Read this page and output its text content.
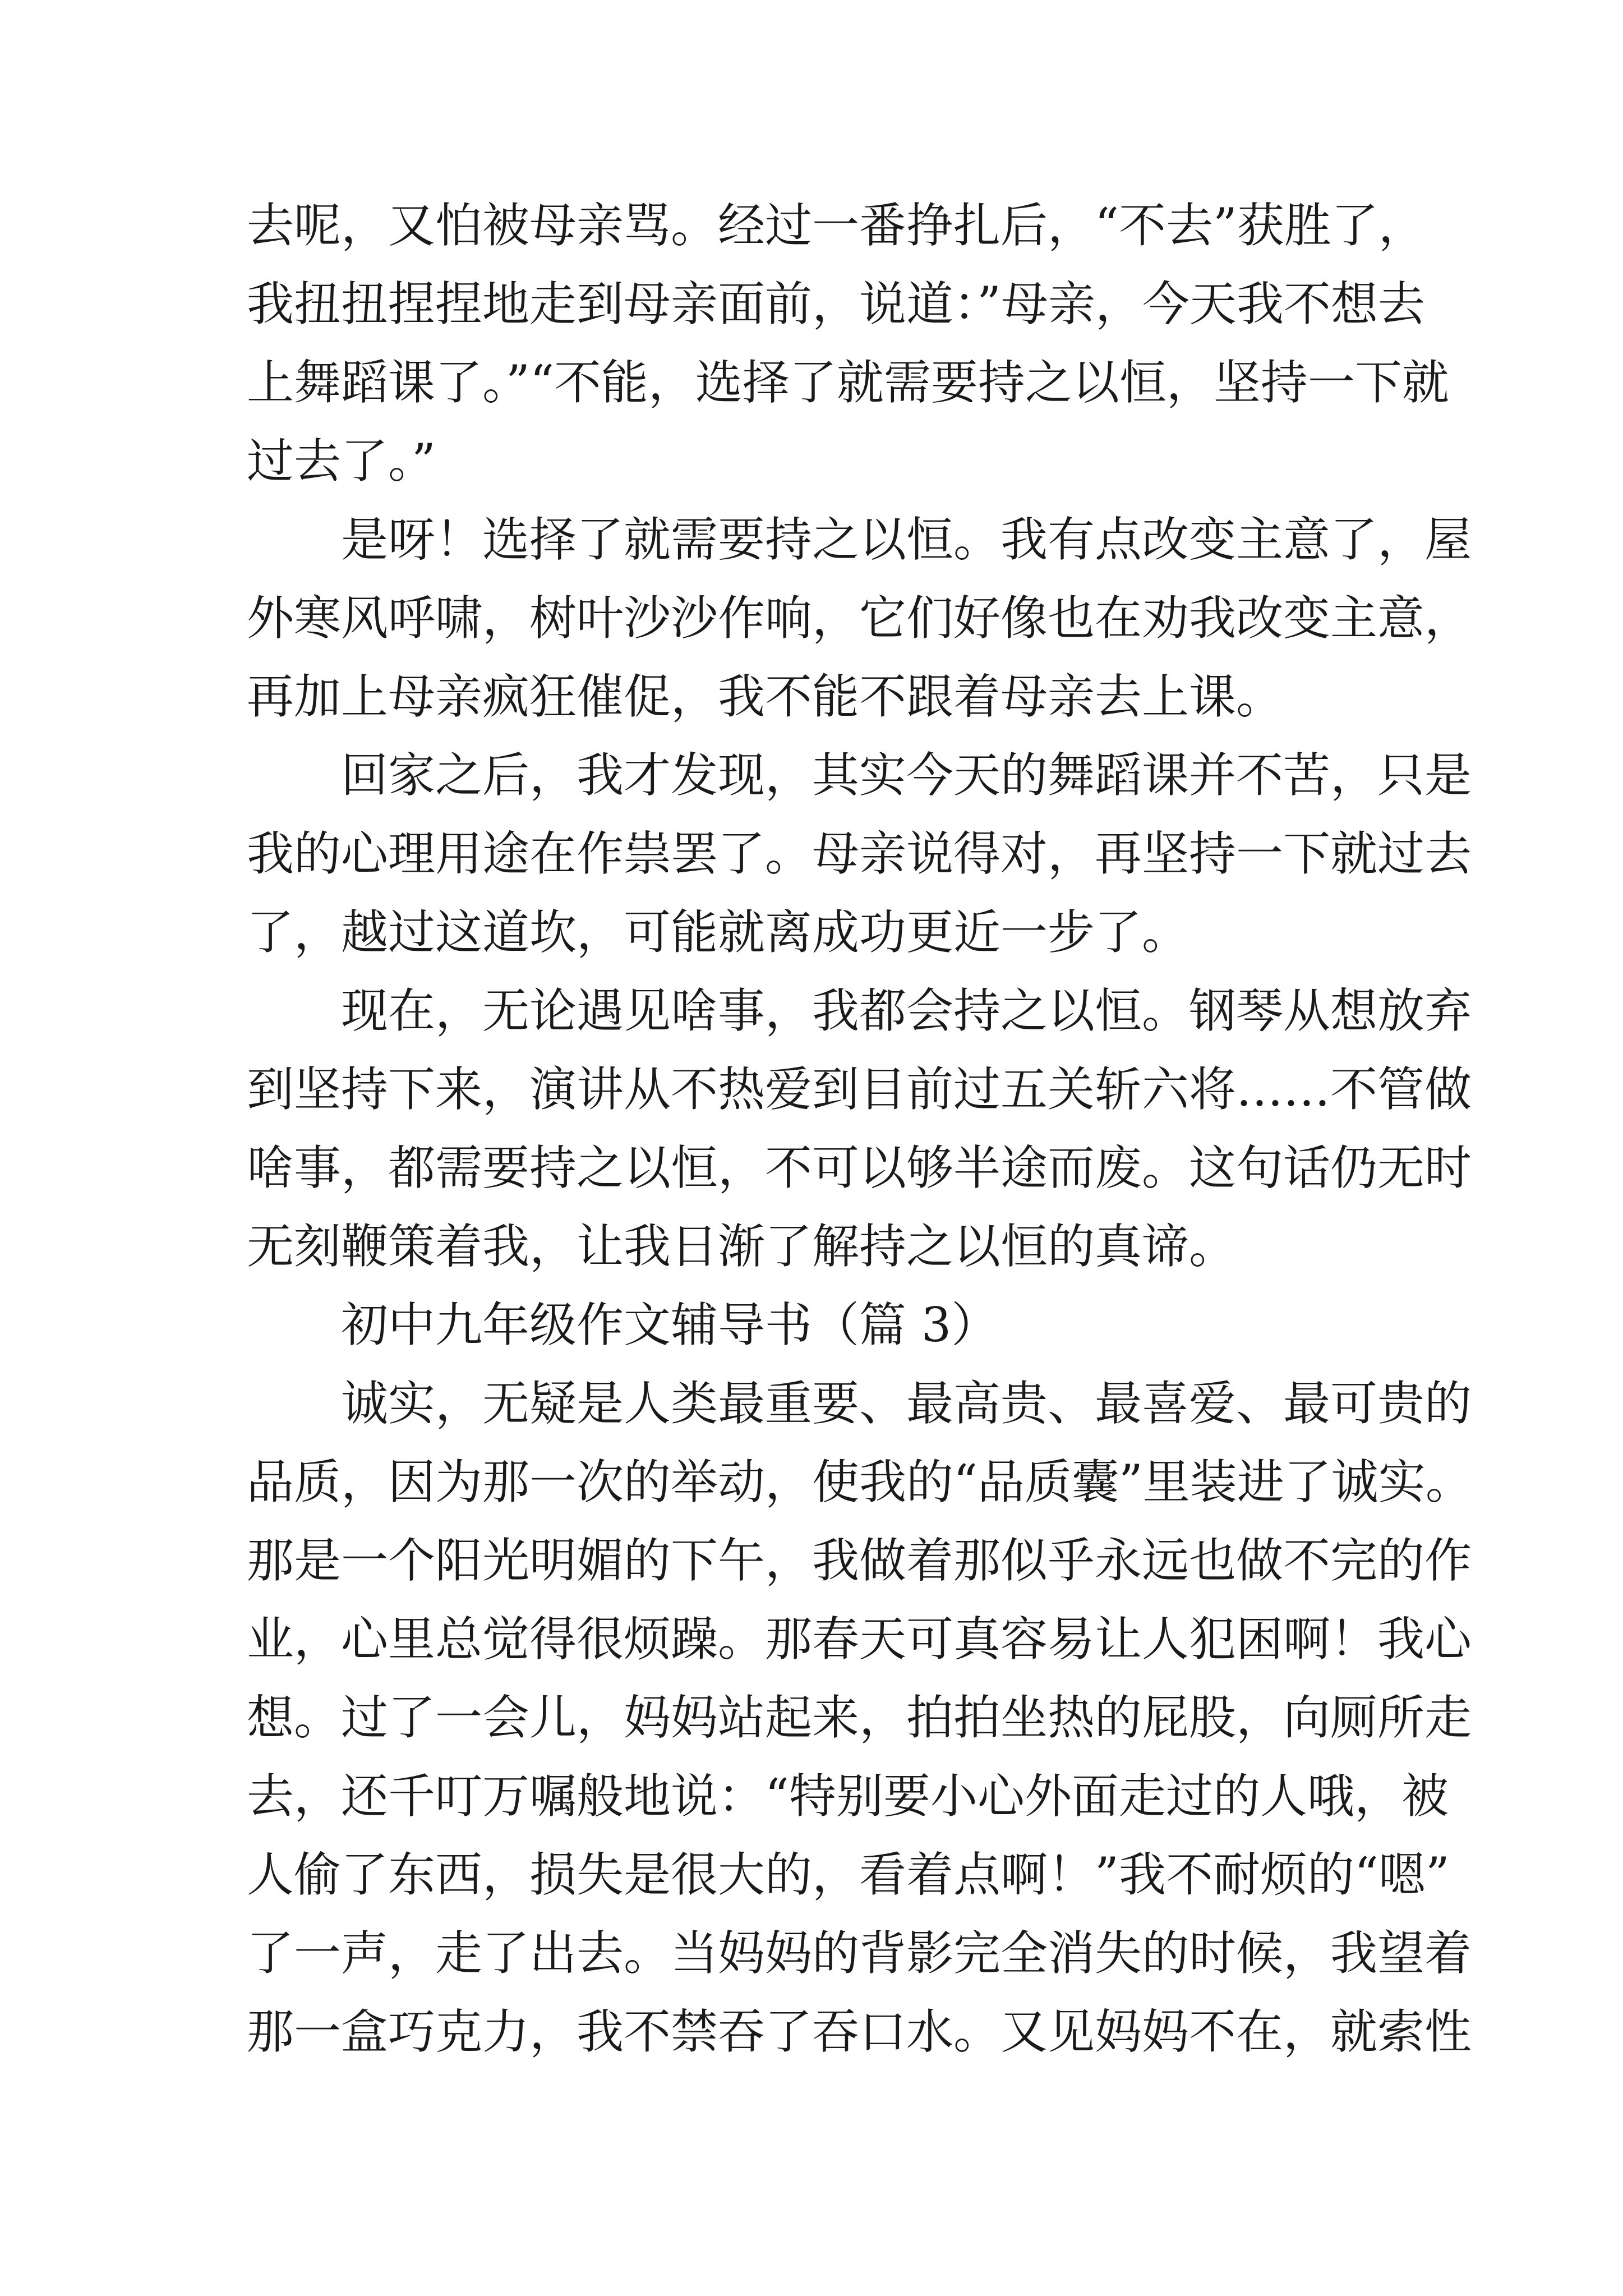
去呢，又怕被母亲骂。经过一番挣扎后，“不去”获胜了，
我扭扭捏捏地走到母亲面前，说道：”母亲，今天我不想去
上舞蹈课了。”“不能，选择了就需要持之以恒，坚持一下就
过去了。”
是呀！选择了就需要持之以恒。我有点改变主意了，屋
外寒风呼啸，树叶沙沙作响，它们好像也在劝我改变主意，
再加上母亲疯狂催促，我不能不跟着母亲去上课。
回家之后，我才发现，其实今天的舞蹈课并不苦，只是
我的心理用途在作祟罢了。母亲说得对，再坚持一下就过去
了，越过这道坎，可能就离成功更近一步了。
现在，无论遇见啥事，我都会持之以恒。钢琴从想放弃
到坚持下来，演讲从不热爱到目前过五关斩六将……不管做
啥事，都需要持之以恒，不可以够半途而废。这句话仍无时
无刻鞭策着我，让我日渐了解持之以恒的真谛。
初中九年级作文辅导书（篇 3）
诚实，无疑是人类最重要、最高贵、最喜爱、最可贵的
品质，因为那一次的举动，使我的“品质囊”里装进了诚实。
那是一个阳光明媚的下午，我做着那似乎永远也做不完的作
业，心里总觉得很烦躁。那春天可真容易让人犯困啊！我心
想。过了一会儿，妈妈站起来，拍拍坐热的屁股，向厕所走
去，还千叮万嘱般地说：“特别要小心外面走过的人哦，被
人偷了东西，损失是很大的，看着点啊！”我不耐烦的“嗯”
了一声，走了出去。当妈妈的背影完全消失的时候，我望着
那一盒巧克力，我不禁吞了吞口水。又见妈妈不在，就索性
